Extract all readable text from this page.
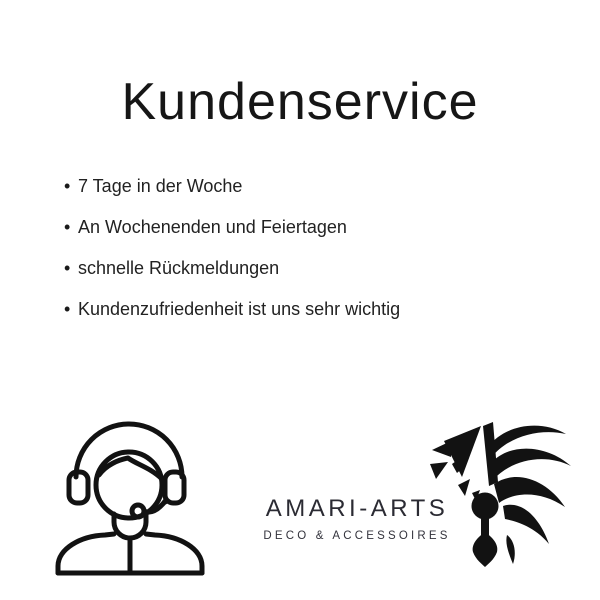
Kundenservice
• 7 Tage in der Woche
• An Wochenenden und Feiertagen
• schnelle Rückmeldungen
• Kundenzufriedenheit ist uns sehr wichtig
AMARI-ARTS
DECO & ACCESSOIRES
